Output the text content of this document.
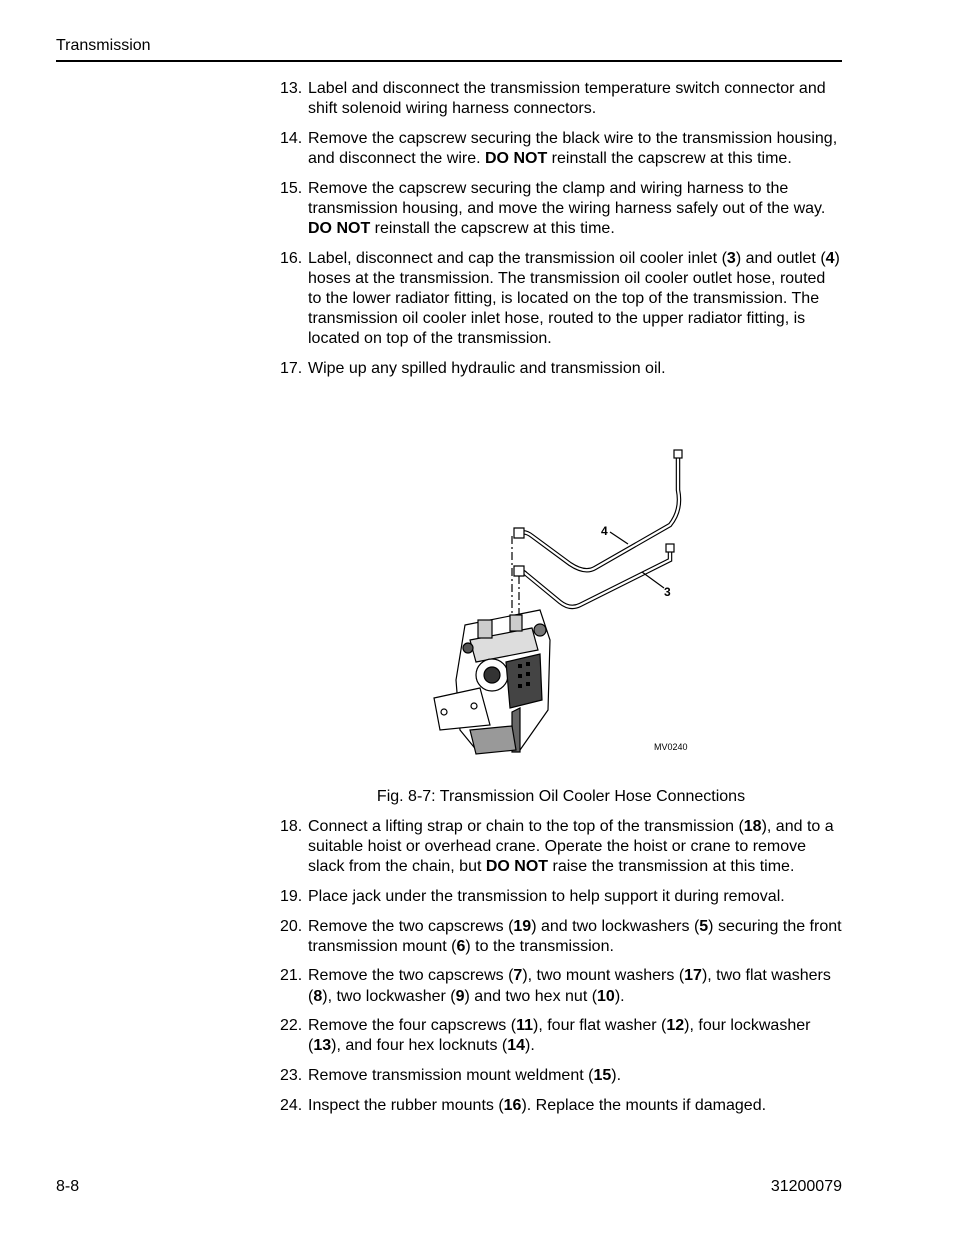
Transmission
13. Label and disconnect the transmission temperature switch connector and shift solenoid wiring harness connectors.
14. Remove the capscrew securing the black wire to the transmission housing, and disconnect the wire. DO NOT reinstall the capscrew at this time.
15. Remove the capscrew securing the clamp and wiring harness to the transmission housing, and move the wiring harness safely out of the way. DO NOT reinstall the capscrew at this time.
16. Label, disconnect and cap the transmission oil cooler inlet (3) and outlet (4) hoses at the transmission. The transmission oil cooler outlet hose, routed to the lower radiator fitting, is located on the top of the transmission. The transmission oil cooler inlet hose, routed to the upper radiator fitting, is located on top of the transmission.
17. Wipe up any spilled hydraulic and transmission oil.
4
3
MV0240
Fig. 8-7: Transmission Oil Cooler Hose Connections
18. Connect a lifting strap or chain to the top of the transmission (18), and to a suitable hoist or overhead crane. Operate the hoist or crane to remove slack from the chain, but DO NOT raise the transmission at this time.
19. Place jack under the transmission to help support it during removal.
20. Remove the two capscrews (19) and two lockwashers (5) securing the front transmission mount (6) to the transmission.
21. Remove the two capscrews (7), two mount washers (17), two flat washers (8), two lockwasher (9) and two hex nut (10).
22. Remove the four capscrews (11), four flat washer (12), four lockwasher (13), and four hex locknuts (14).
23. Remove transmission mount weldment (15).
24. Inspect the rubber mounts (16). Replace the mounts if damaged.
8-8	31200079
